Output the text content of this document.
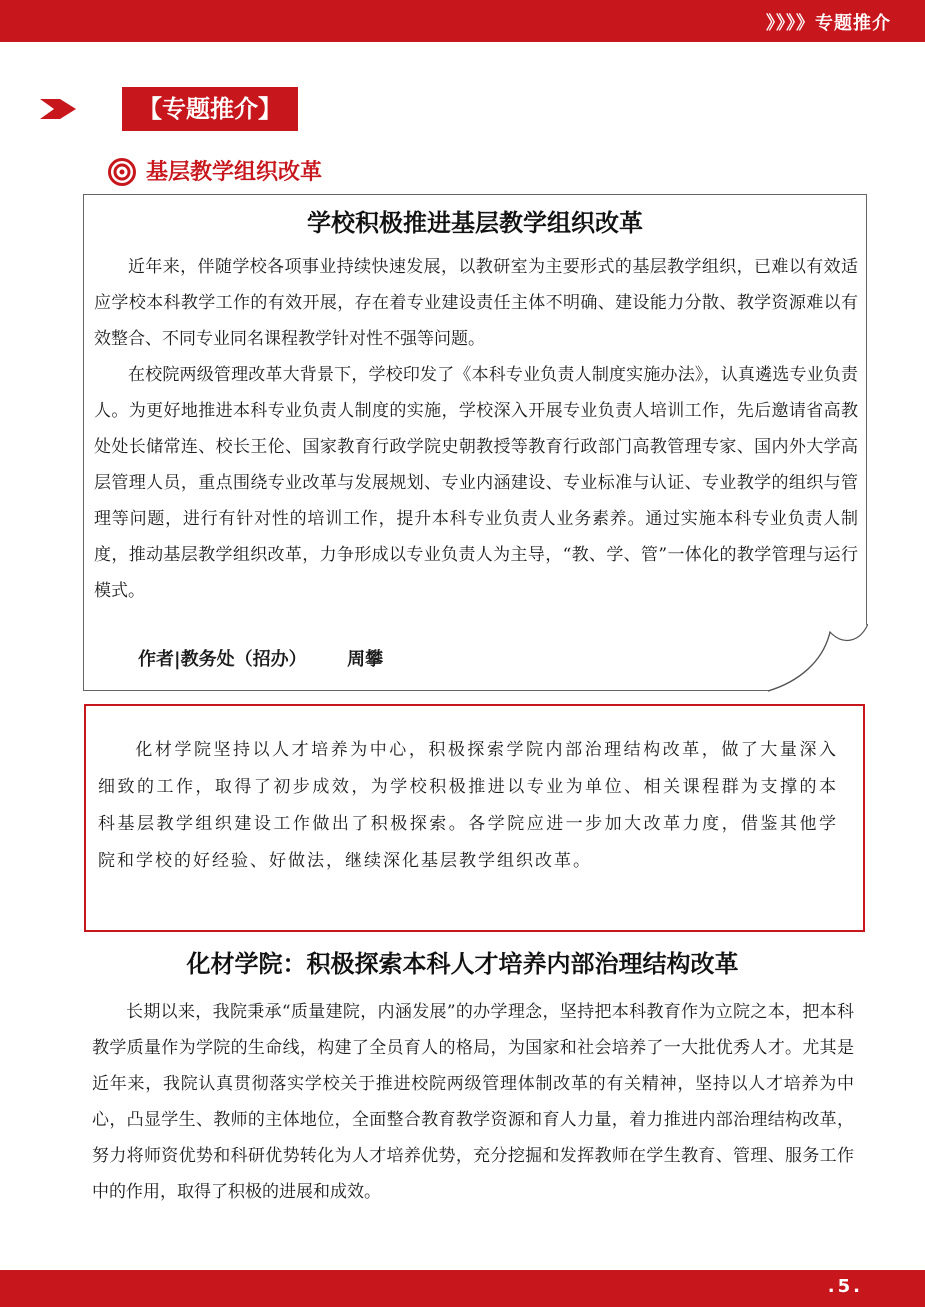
》》》》专题推介
【专题推介】
基层教学组织改革
学校积极推进基层教学组织改革

近年来，伴随学校各项事业持续快速发展，以教研室为主要形式的基层教学组织，已难以有效适应学校本科教学工作的有效开展，存在着专业建设责任主体不明确、建设能力分散、教学资源难以有效整合、不同专业同名课程教学针对性不强等问题。

在校院两级管理改革大背景下，学校印发了《本科专业负责人制度实施办法》，认真遴选专业负责人。为更好地推进本科专业负责人制度的实施，学校深入开展专业负责人培训工作，先后邀请省高教处处长储常连、校长王伦、国家教育行政学院史朝教授等教育行政部门高教管理专家、国内外大学高层管理人员，重点围绕专业改革与发展规划、专业内涵建设、专业标准与认证、专业教学的组织与管理等问题，进行有针对性的培训工作，提升本科专业负责人业务素养。通过实施本科专业负责人制度，推动基层教学组织改革，力争形成以专业负责人为主导，“教、学、管”一体化的教学管理与运行模式。

作者|教务处（招办） 周攀

化材学院坚持以人才培养为中心，积极探索学院内部治理结构改革，做了大量深入细致的工作，取得了初步成效，为学校积极推进以专业为单位、相关课程群为支撑的本科基层教学组织建设工作做出了积极探索。各学院应进一步加大改革力度，借鉴其他学院和学校的好经验、好做法，继续深化基层教学组织改革。

化材学院：积极探索本科人才培养内部治理结构改革

长期以来，我院秉承“质量建院，内涵发展”的办学理念，坚持把本科教育作为立院之本，把本科教学质量作为学院的生命线，构建了全员育人的格局，为国家和社会培养了一大批优秀人才。尤其是近年来，我院认真贯彻落实学校关于推进校院两级管理体制改革的有关精神，坚持以人才培养为中心，凸显学生、教师的主体地位，全面整合教育教学资源和育人力量，着力推进内部治理结构改革，努力将师资优势和科研优势转化为人才培养优势，充分挖掘和发挥教师在学生教育、管理、服务工作中的作用，取得了积极的进展和成效。

.5.
